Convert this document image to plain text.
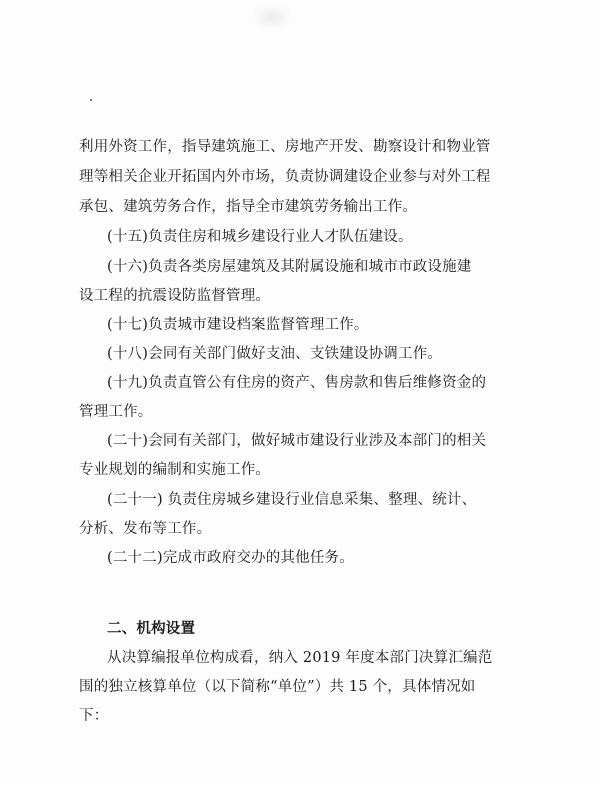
利用外资工作，指导建筑施工、房地产开发、勘察设计和物业管
理等相关企业开拓国内外市场，负责协调建设企业参与对外工程
承包、建筑劳务合作，指导全市建筑劳务输出工作。
(十五)负责住房和城乡建设行业人才队伍建设。
(十六)负责各类房屋建筑及其附属设施和城市市政设施建
设工程的抗震设防监督管理。
(十七)负责城市建设档案监督管理工作。
(十八)会同有关部门做好支油、支铁建设协调工作。
(十九)负责直管公有住房的资产、售房款和售后维修资金的
管理工作。
(二十)会同有关部门，做好城市建设行业涉及本部门的相关
专业规划的编制和实施工作。
(二十一) 负责住房城乡建设行业信息采集、整理、统计、
分析、发布等工作。
(二十二)完成市政府交办的其他任务。
二、机构设置
从决算编报单位构成看，纳入 2019 年度本部门决算汇编范
围的独立核算单位（以下简称“单位”）共 15 个，具体情况如
下：
